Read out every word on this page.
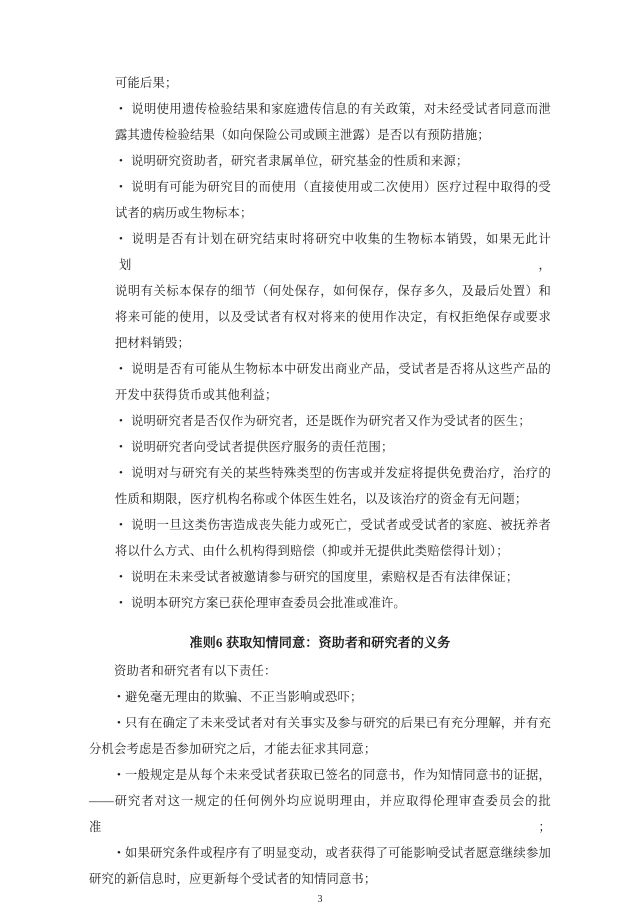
可能后果；
• 说明使用遗传检验结果和家庭遗传信息的有关政策，对未经受试者同意而泄
露其遗传检验结果（如向保险公司或顾主泄露）是否以有预防措施；
• 说明研究资助者，研究者隶属单位，研究基金的性质和来源；
• 说明有可能为研究目的而使用（直接使用或二次使用）医疗过程中取得的受
试者的病历或生物标本；
• 说明是否有计划在研究结束时将研究中收集的生物标本销毁，如果无此计划，
说明有关标本保存的细节（何处保存，如何保存，保存多久，及最后处置）和
将来可能的使用，以及受试者有权对将来的使用作决定，有权拒绝保存或要求
把材料销毁；
• 说明是否有可能从生物标本中研发出商业产品，受试者是否将从这些产品的
开发中获得货币或其他利益；
• 说明研究者是否仅作为研究者，还是既作为研究者又作为受试者的医生；
• 说明研究者向受试者提供医疗服务的责任范围；
• 说明对与研究有关的某些特殊类型的伤害或并发症将提供免费治疗，治疗的
性质和期限，医疗机构名称或个体医生姓名，以及该治疗的资金有无问题；
• 说明一旦这类伤害造成丧失能力或死亡，受试者或受试者的家庭、被抚养者
将以什么方式、由什么机构得到赔偿（抑或并无提供此类赔偿得计划）；
• 说明在未来受试者被邀请参与研究的国度里，索赔权是否有法律保证；
• 说明本研究方案已获伦理审查委员会批准或准许。
准则6 获取知情同意：资助者和研究者的义务
资助者和研究者有以下责任：
• 避免毫无理由的欺骗、不正当影响或恐吓；
• 只有在确定了未来受试者对有关事实及参与研究的后果已有充分理解，并有充
分机会考虑是否参加研究之后，才能去征求其同意；
• 一般规定是从每个未来受试者获取已签名的同意书，作为知情同意书的证据，
——研究者对这一规定的任何例外均应说明理由，并应取得伦理审查委员会的批准；
• 如果研究条件或程序有了明显变动，或者获得了可能影响受试者愿意继续参加
研究的新信息时，应更新每个受试者的知情同意书；
3
